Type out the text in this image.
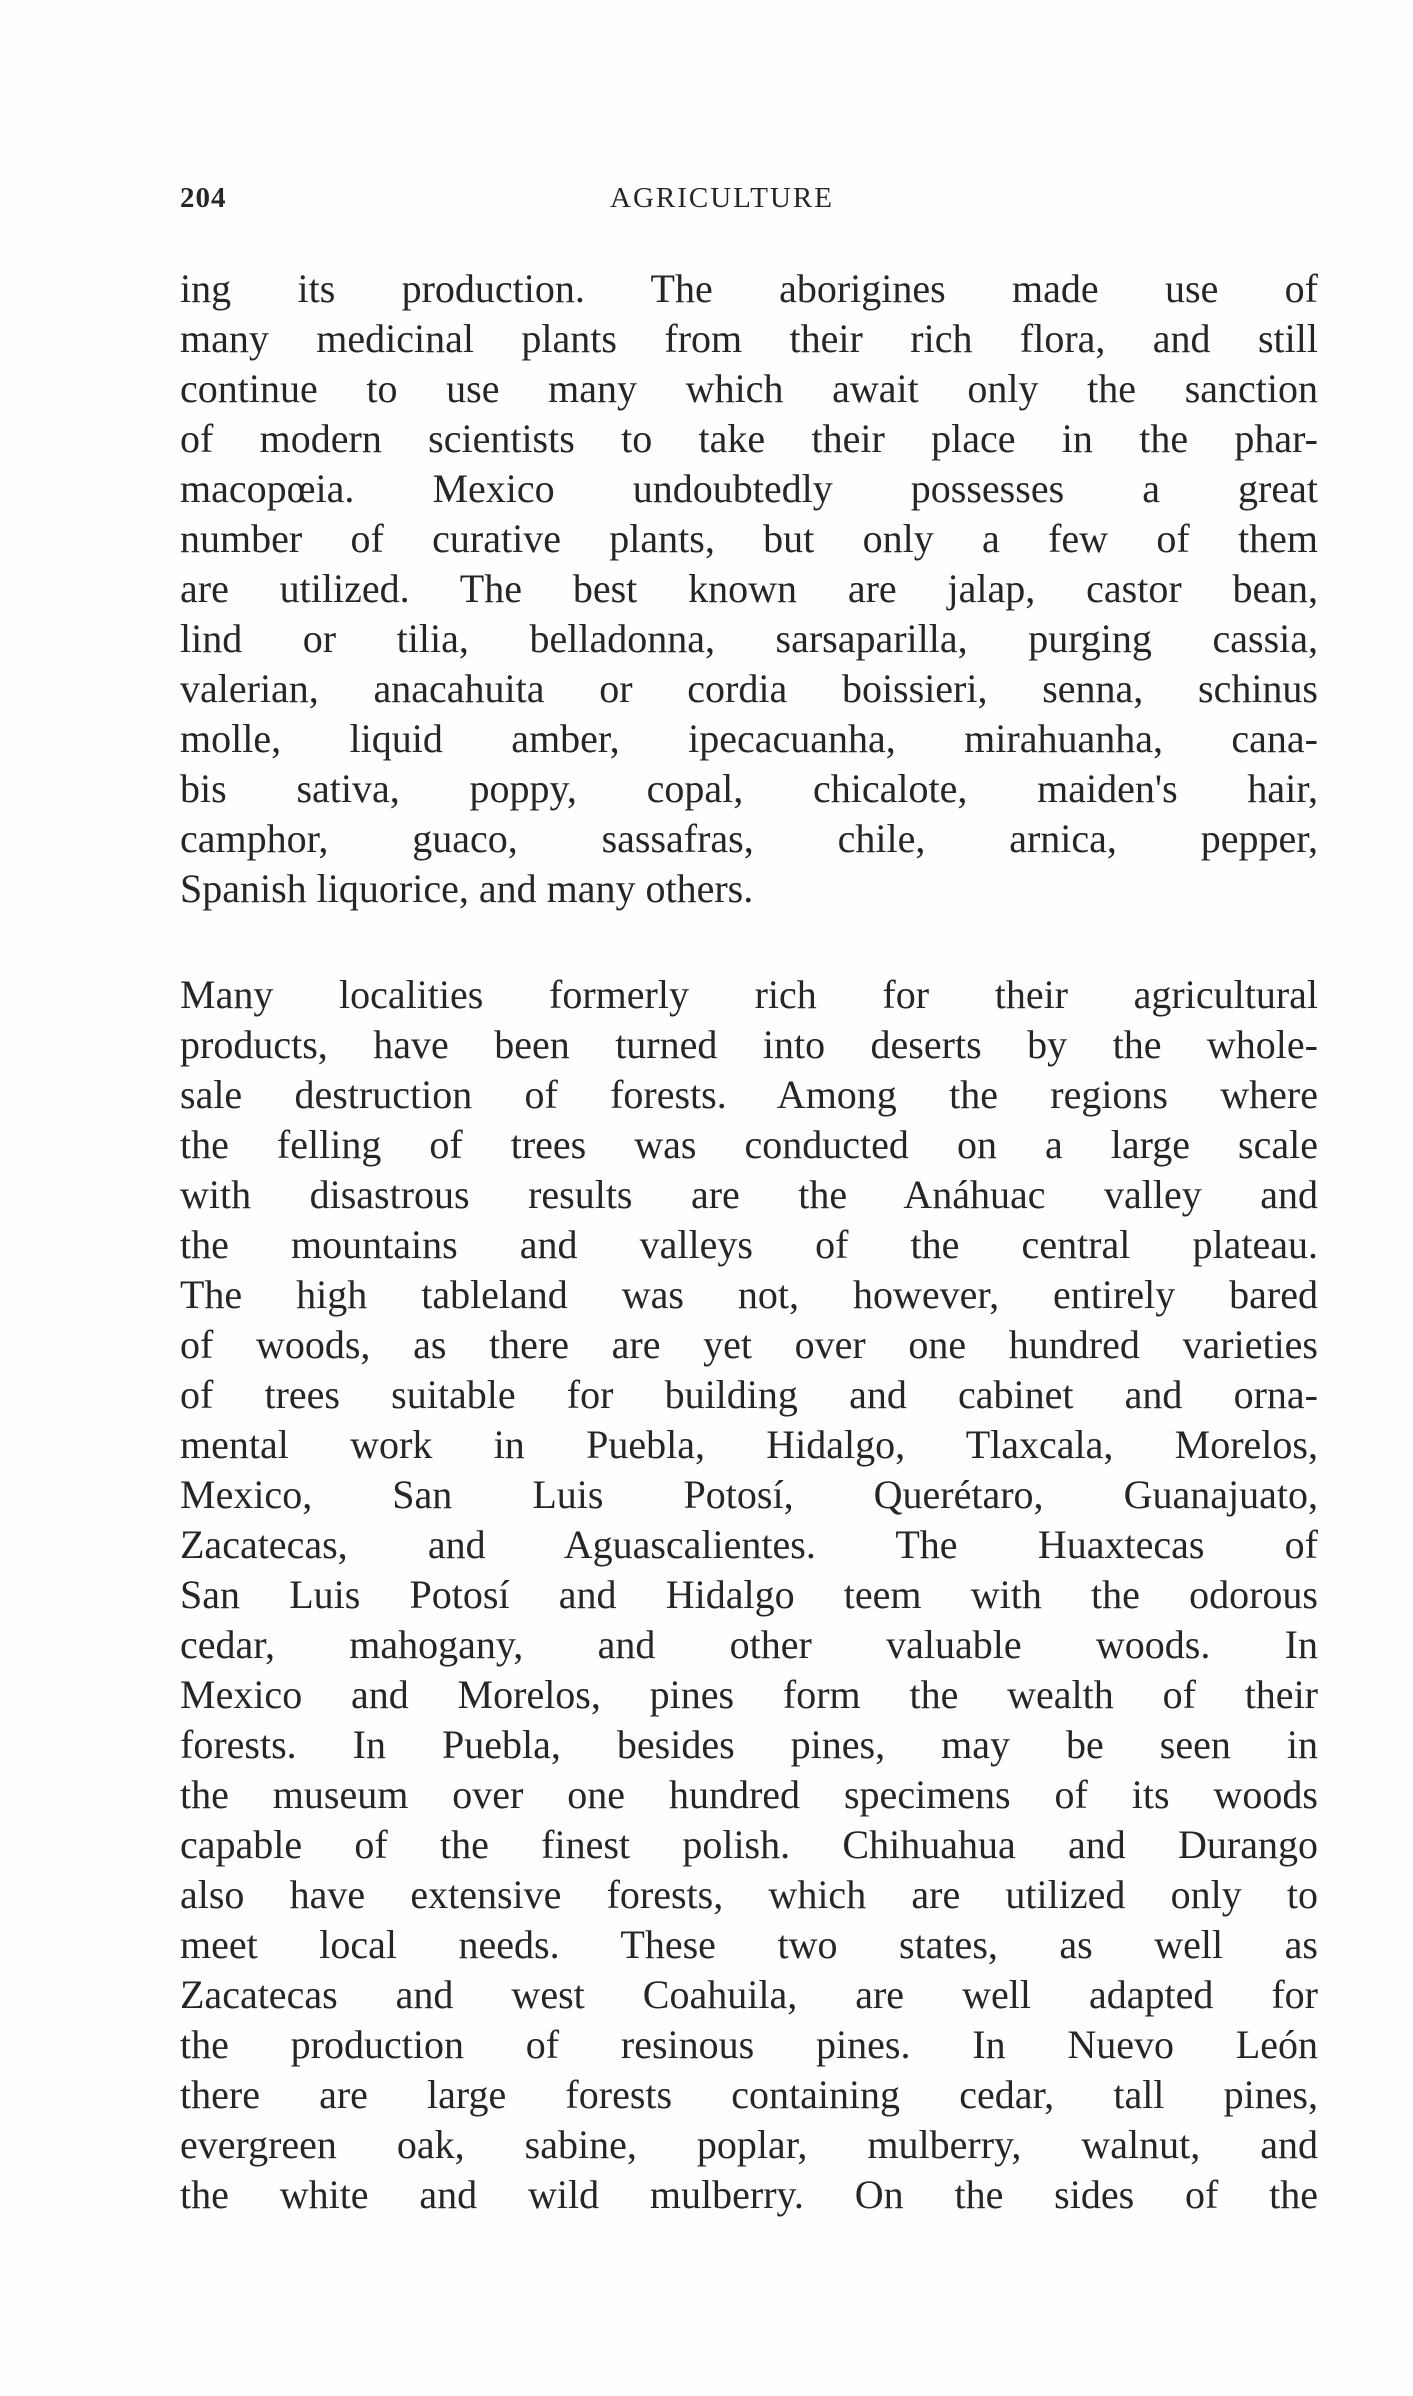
204	AGRICULTURE
ing its production. The aborigines made use of
many medicinal plants from their rich flora, and still
continue to use many which await only the sanction
of modern scientists to take their place in the phar-
macopœia. Mexico undoubtedly possesses a great
number of curative plants, but only a few of them
are utilized. The best known are jalap, castor bean,
lind or tilia, belladonna, sarsaparilla, purging cassia,
valerian, anacahuita or cordia boissieri, senna, schinus
molle, liquid amber, ipecacuanha, mirahuanha, cana-
bis sativa, poppy, copal, chicalote, maiden's hair,
camphor, guaco, sassafras, chile, arnica, pepper,
Spanish liquorice, and many others.
Many localities formerly rich for their agricultural
products, have been turned into deserts by the whole-
sale destruction of forests. Among the regions where
the felling of trees was conducted on a large scale
with disastrous results are the Anáhuac valley and
the mountains and valleys of the central plateau.
The high tableland was not, however, entirely bared
of woods, as there are yet over one hundred varieties
of trees suitable for building and cabinet and orna-
mental work in Puebla, Hidalgo, Tlaxcala, Morelos,
Mexico, San Luis Potosí, Querétaro, Guanajuato,
Zacatecas, and Aguascalientes. The Huaxtecas of
San Luis Potosí and Hidalgo teem with the odorous
cedar, mahogany, and other valuable woods. In
Mexico and Morelos, pines form the wealth of their
forests. In Puebla, besides pines, may be seen in
the museum over one hundred specimens of its woods
capable of the finest polish. Chihuahua and Durango
also have extensive forests, which are utilized only to
meet local needs. These two states, as well as
Zacatecas and west Coahuila, are well adapted for
the production of resinous pines. In Nuevo León
there are large forests containing cedar, tall pines,
evergreen oak, sabine, poplar, mulberry, walnut, and
the white and wild mulberry. On the sides of the
